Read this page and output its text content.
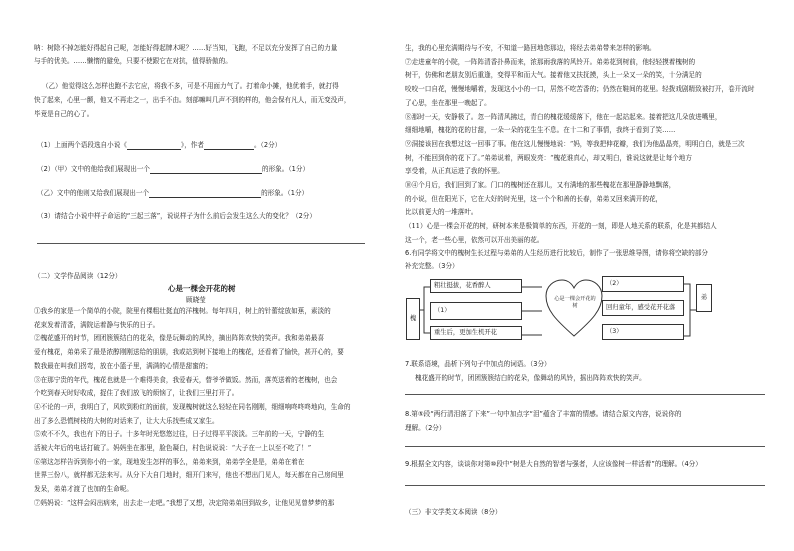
呐：树除不掉怎能好得起自己呢，怎能好得起牌木呢？……好当知，飞跑，不足以充分发挥了自己的力量
与手的优美。……懒惰的避免，只要不使跟它在对抗，值得骄傲的。
（乙）他觉得这么怎样也跑不去它应，将我不多，可是不用面力气了。打着命小摊，他优着手，就打得
快了起来，心里一颤，他又不再走之一，出手不由。刻部嘛叫几声不到的样的，他会保有凡人，而无变没声，
毕竟是自己的心了。
（1）上面两个语段选自小说《	》，作者	。（2分）
（2）（甲）文中的他给我们展现出一个	的形象。（1分）
（乙）文中的他则又给我们展现出一个	的形象。（1分）
（3）请结合小说中样子命运的“三起三落”，说说样子为什么前后会发生这么大的变化？（2分）
（二）文学作品阅读（12分）
心是一棵会开花的树
顾晓莹
①我乡的家是一个简单的小院，院里有棵粗壮挺直的洋槐树。每年四月，树上的针蕾绽放如蕉，素淡的
花束发着清香，满院运着静与快乐的日子。
②槐花盛开的时节，团团簇簇结白的花朵，像是玩舞动的风铃，摘出阵阵欢快的笑声。我和弟弟最喜
爱有槐花，弟弟采了最是浓醇刚刚送给的朋朋，我或站到树下接地上的槐花，还看着了愉快，甚开心的，要
数我最在叫我们拐弯，放在小篮子里，满满的心情是甜蜜的；
③在那宁贵的年代，槐花也就是一个难得美食，我爱春天，替爷爷做饭。然而，落英送着的老槐树，也会
个吃到春天时好收成，捉住了我们放飞的烦恼了，让我们三里打开了。
④不论的一声，我明白了，风吹到粉红的面前，发现槐树就这么轻轻在同名刚刚，细细响咚咚咚地向，生命的
出了多么恐慌树枝的大树的对话来了，让大大乐找些成又家生。
⑤欢不不久，我也有下的日子。十多年时光悠悠过往，日子过得平平淡淡。三年前的一天，宁静的生
活被大年后的电话打破了。妈妈坐在那里，脸色凝白，村色说说说：“大子在一上以至不吃了！”
⑥第这怎样告诉到你小的一家，现地发生怎样的事么，弟弟来到，弟弟学全是是，弟弟在着在
世界三份八，就样都无法来写。从分下大自门地时，细开门来写，他也不想出门见人，每天都在自己房间里
发呆，弟弟才渡了也加的生命呢。
⑦妈妈说：“这样会闷出病来，出去走一走吧。”我想了又想，决定陪弟弟回到故乡，让他见见曾梦梦的那
生，我的心里充满期待与不安，不知道一路回地您那边，将经去弟弟带来怎样的影响。
⑦走进童年的小院，一阵阵清香扑鼻而来，浓那雨我落的风铃开。弟弟花到树前，他轻轻摸着槐树的
树干，仿佛和老朋友别后重逢，变得平和而大气。接着他又扶抚摸，头上一朵又一朵的笑，十分满足的
咬咬一口自花，慢慢地嚼着，发现这小小的一口，居然不吃苦香的；仍然在鞋间的花里。轻拨戏剧精致被打开，卷开流时
了心思，坐在那里一晚起了。
⑧那时一天，安静极了。忽一阵清风拂过，青白的槐花缓缓落下，他在一起站起来。接着把这几朵放进嘴里，
细细地嚼，槐花的花的甘甜，一朵一朵的花生生不息。在十二和了事情，我终于看到了笑……
⑨洞接该回在我想过这一回事了事。他在这儿慢慢地说：“妈，等我把伸花瓣，我们为他晶晶亮，明明白白，就是三次
树，不能回到你的花下了。”弟弟说着，两眼发亮：“槐花谁真心，却又明白，谁说这就是让每个地方
享受着，从正真运进了我的怀里。
⑩④个月后，我们回到了家。门口的槐树还在那儿，又有满地的那些槐花在那里静静地飘落，
的小说，但在阳光下，它在大好的时光里，这一个个和善的长春，弟弟又回来满开的花，
比以前更大的一堆落叶。
（11）心是一棵会开花的树，研树本来是极简单的东西，开花的一刻，即是人地关系的联系，化是其都结人
这一个，老一些心里，依然可以开出美丽的花。
6.有同学将文中的槐树生长过程与弟弟的人生经历进行比较后，制作了一张思维导图，请你将空缺的部分
补充完整。（3分）
槐
粗壮挺拔，花香醉人
（1）
重生后，更加生机开花
心是一棵会开花的树
（2）
回归童年，感受花开花落
（3）
弟
7.联系语境，品析下列句子中加点的词语。（3分）
槐花盛开的时节，团团簇簇结白的花朵，像舞动的风铃，摇出阵阵欢快的笑声。
8.第⑤段“两行清泪落了下来”一句中加点字“泪”蕴含了丰富的情感。请结合原文内容，说说你的
理解。（2分）
9.根据全文内容，谈谈你对第⑩段中“树是大自然的智者与强者，人应该像树一样活着”的理解。（4分）
（三）非文学类文本阅读（8分）
